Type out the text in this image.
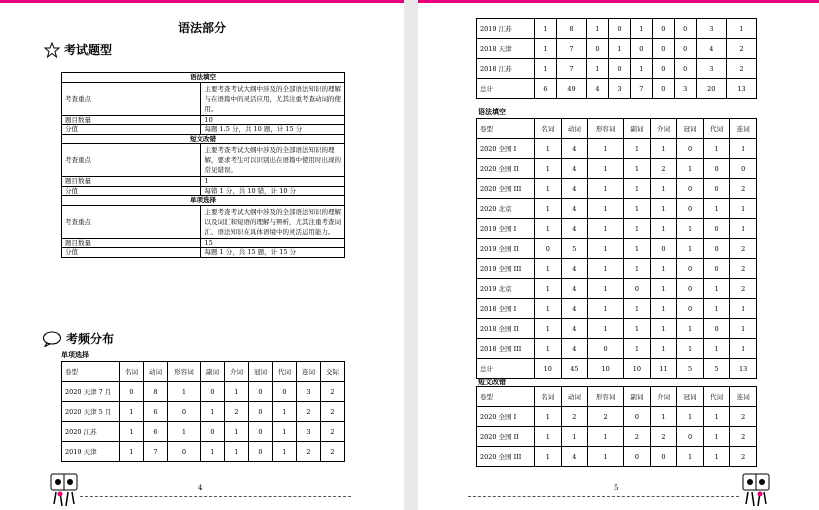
语法部分
考试题型
语法填空	
考查重点	主要考查考试大纲中涉及的全部语法知识的理解与在语篇中的灵活应用，尤其注重考查动词的使用。
题目数量	10
分值	每题 1.5 分，共 10 题，计 15 分
短文改错	
考查重点	主要考查考试大纲中涉及的全部语法知识的理解，要求考生可以识别出在语篇中使用时出现的常见错误。
题目数量	1
分值	每错 1 分，共 10 错，计 10 分
单项选择	
考查重点	主要考查考试大纲中涉及的全部语法知识的理解以及词汇和短语的理解与辨析，尤其注重考查词汇、语法知识在具体语境中的灵活运用能力。
题目数量	15
分值	每题 1 分，共 15 题，计 15 分
考频分布
单项选择
卷型	名词	动词	形容词	副词	介词	冠词	代词	连词	交际
2020 天津 7 月	0	8	1	0	1	0	0	3	2
2020 天津 5 月	1	6	0	1	2	0	1	2	2
2020 江苏	1	6	1	0	1	0	1	3	2
2019 天津	1	7	0	1	1	0	1	2	2
4
2019 江苏	1	8	1	0	1	0	0	3	1
2018 天津	1	7	0	1	0	0	0	4	2
2018 江苏	1	7	1	0	1	0	0	3	2
总计	6	49	4	3	7	0	3	20	13
语法填空
卷型	名词	动词	形容词	副词	介词	冠词	代词	连词
2020 全国 I	1	4	1	1	1	0	1	1
2020 全国 II	1	4	1	1	2	1	0	0
2020 全国 III	1	4	1	1	1	0	0	2
2020 北京	1	4	1	1	1	0	1	1
2019 全国 I	1	4	1	1	1	1	0	1
2019 全国 II	0	5	1	1	0	1	0	2
2019 全国 III	1	4	1	1	1	0	0	2
2019 北京	1	4	1	0	1	0	1	2
2018 全国 I	1	4	1	1	1	0	1	1
2018 全国 II	1	4	1	1	1	1	0	1
2018 全国 III	1	4	0	1	1	1	1	1
总计	10	45	10	10	11	5	5	13
短文改错
卷型	名词	动词	形容词	副词	介词	冠词	代词	连词
2020 全国 I	1	2	2	0	1	1	1	2
2020 全国 II	1	1	1	2	2	0	1	2
2020 全国 III	1	4	1	0	0	1	1	2
5
